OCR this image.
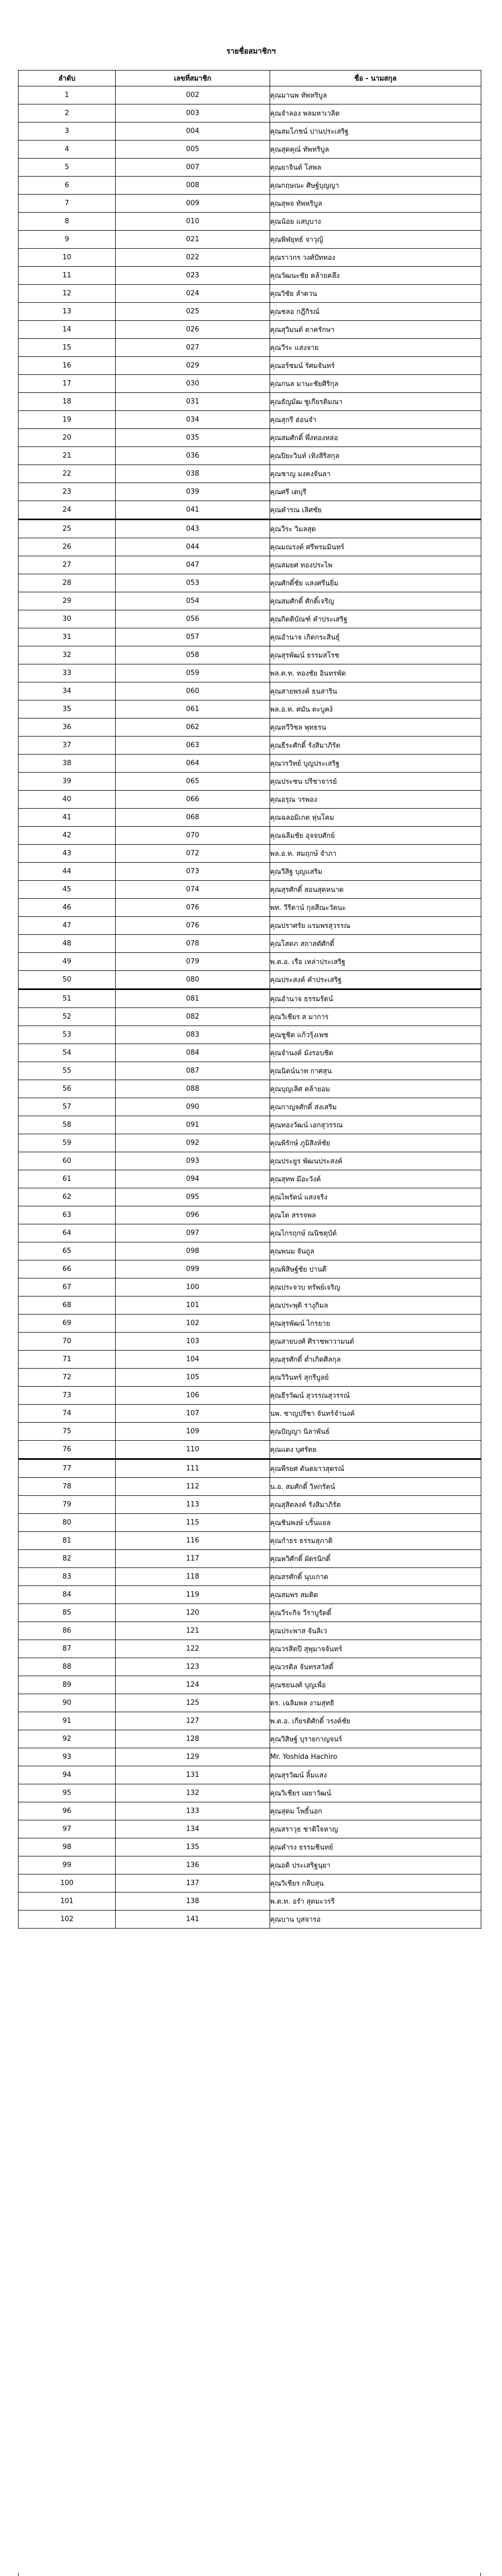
รายชื่อสมาชิกฯ
ลำดับ	เลขที่สมาชิก	ชื่อ - นามสกุล
1	002	คุณมานพ ทัพหริบูล
2	003	คุณจำลอง พลมหาเวลิต
3	004	คุณสมโภชน์ ปานประเสริฐ
4	005	คุณสุดคุณ์ ทัพหริบูล
5	007	คุณยาจินต์ โสพล
6	008	คุณกฤษณะ ศิษฐ์บุญญา
7	009	คุณสุพจ ทัพหริบูล
8	010	คุณน้อย แสบุบาง
9	021	คุณพิฬยุทธ์ จาวุญ้
10	022	คุณราวกร วงศ์ปัททอง
11	023	คุณวัฒนะชัย คล้ายคลึง
12	024	คุณวิชัย ลำดวน
13	025	คุณชลอ กฎีกิรณ์
14	026	คุณสุวิมนต์ ตาครักษา
15	027	คุณวีระ แสงจาย
16	029	คุณอร์ชมน์ รัศมจันทร์
17	030	คุณกนล มานะชัยศิริกุล
18	031	คุณธัญมัฒ ชูเกียรติมณา
19	034	คุณสุกรี ฮ่อนจำ
20	035	คุณสมศักดิ์ พึ่งทองหล่อ
21	036	คุณปิยะวินท์ เทิงสิริสกุล
22	038	คุณชาญ มงคงจันลา
23	039	คุณศรี เดบุรี
24	041	คุณคำรณ เลิศชัย
25	043	คุณวีระ วิมลสุด
26	044	คุณมณรงค์ ศรีพรมมินทร์
27	047	คุณสมยศ ทองประไพ
28	053	คุณศักดิ์ชัย แสงศรีนยิ่ม
29	054	คุณสมศักดิ์ ศักดิ์เจริญ
30	056	คุณกิตติบัณฑ์ คำประเสริฐ
31	057	คุณอำนาจ เกิดกระสินธุ์
32	058	คุณสุรพัฒน์ ธรรมสโรช
33	059	พล.ต.ท. ทองชัย อินทรพัด
34	060	คุณสายพรงค์ ธนสาริน
35	061	พล.อ.ท. ศมัน ตะบูคง์
36	062	คุณทวีวิชล พุทธรน
37	063	คุณธีระศักดิ์ รังสิมาภิรัต
38	064	คุณวรวิทย์ บุญประเสริฐ
39	065	คุณประชน ปรีชาจารย์
40	066	คุณอรุณ วรพอง
41	068	คุณฉลอมิเกต หุ่นโคม
42	070	คุณฉลีมชัย อุจจบศักย์
43	072	พล.อ.ท. สมฤกษ์ จำภา
44	073	คุณวีสิฐ บุญแสริม
45	074	คุณสุรศักดิ์ สอนสุดหนาด
46	076	พท. วีรีตาน์ กุลสีณะวัตนะ
47	076	คุณปราศรัย แรมพรสุวรรณ
48	078	คุณโสตภ สถาสตัศักดิ์
49	079	พ.ต.อ. เรือ เหล่าประเสริฐ
50	080	คุณประสงค์ คำประเสริฐ
51	081	คุณอำนาจ ธรรมรัตน์
52	082	คุณวิเชียร ส มาการ
53	083	คุณชูชิต แก้วรุ้งเพช
54	084	คุณจำนงค์ มังรอบชิต
55	087	คุณนิตน์นาท กาศสุน
56	088	คุณบุญเลิศ คล้ายอม
57	090	คุณกาญจศักดิ์ ส่งเสริม
58	091	คุณทองวัฒน์ เอกสุวรรณ
59	092	คุณพิรักษ์ ภูมิสิงห์ชัย
60	093	คุณประยูร พัฒนประสงค์
61	094	คุณสุทพ มีอะวังค์
62	095	คุณไพรัตน์ แสงจริง
63	096	คุณโต สรรจพล
64	097	คุณไกรฤกษ์ ณนิชตุบัต์
65	098	คุณพนม จันถูล
66	099	คุณพิสิษฐ์ชัย ปานดี
67	100	คุณประจวบ ทรัพย์เจริญ
68	101	คุณประพุติ รางุกิมล
69	102	คุณสุรพัฒน์ ไกรยาย
70	103	คุณสายบงศ์ ศิราชพาวามนต์
71	104	คุณสุรศักดิ์ ต่ำเกิดศิลกุล
72	105	คุณวิวินทร์ สุกรีบูลย์
73	106	คุณธีรวัฒน์ สุวรรณสุวรรณ์
74	107	นพ. ชาญปรีชา จันทร์จำนงค์
75	109	คุณปัญญา นิลาพันธ์
76	110	คุณแดง บุศรัตย
77	111	คุณพีรยศ ตันตยาวสุดรณ์
78	112	น.อ. สมศักดิ์ วิหกรัตน์
79	113	คุณสุสิตลงค์ รังสิมาภิรัต
80	115	คุณชินพงษ์ บริ้นแยล
81	116	คุณกำธร ธรรมสุภาติ
82	117	คุณพวิศักดิ์ ผัดรนิกดิ์
83	118	คุณสรศักดิ์ นุบเกาด
84	119	คุณสมพร สมติด
85	120	คุณวีระกิจ วีราบูรัตติ์
86	121	คุณประพาส จันลิเว
87	122	คุณวรสิตปี สุพุมาจจันทร์
88	123	คุณวรดิล จันทรสวัสดิ์
89	124	คุณชยนงศ์ บุญเพื่อ
90	125	ดร. เฉลิมพล งามสุทธิ
91	127	พ.ต.อ. เกียรติศักดิ์ วรงค์ชัย
92	128	คุณวิสิษฐ์ บุรายกาญจนร์
93	129	Mr. Yoshida Hachiro
94	131	คุณสุรวัฒน์ ลิ้มแสง
95	132	คุณวิเชียร เผยาวัฒน์
96	133	คุณสุดม โพธิ์นอก
97	134	คุณสราวุธ ชาติใจหาญ
98	135	คุณคำรง ธรรมชินทย์
99	136	คุณอดิ ประเสริฐนุยา
100	137	คุณวิเชียร กลีบสุน
101	138	พ.ต.ท. อรำ สุตมะวรรี
102	141	คุณบาน บุสจารอ
